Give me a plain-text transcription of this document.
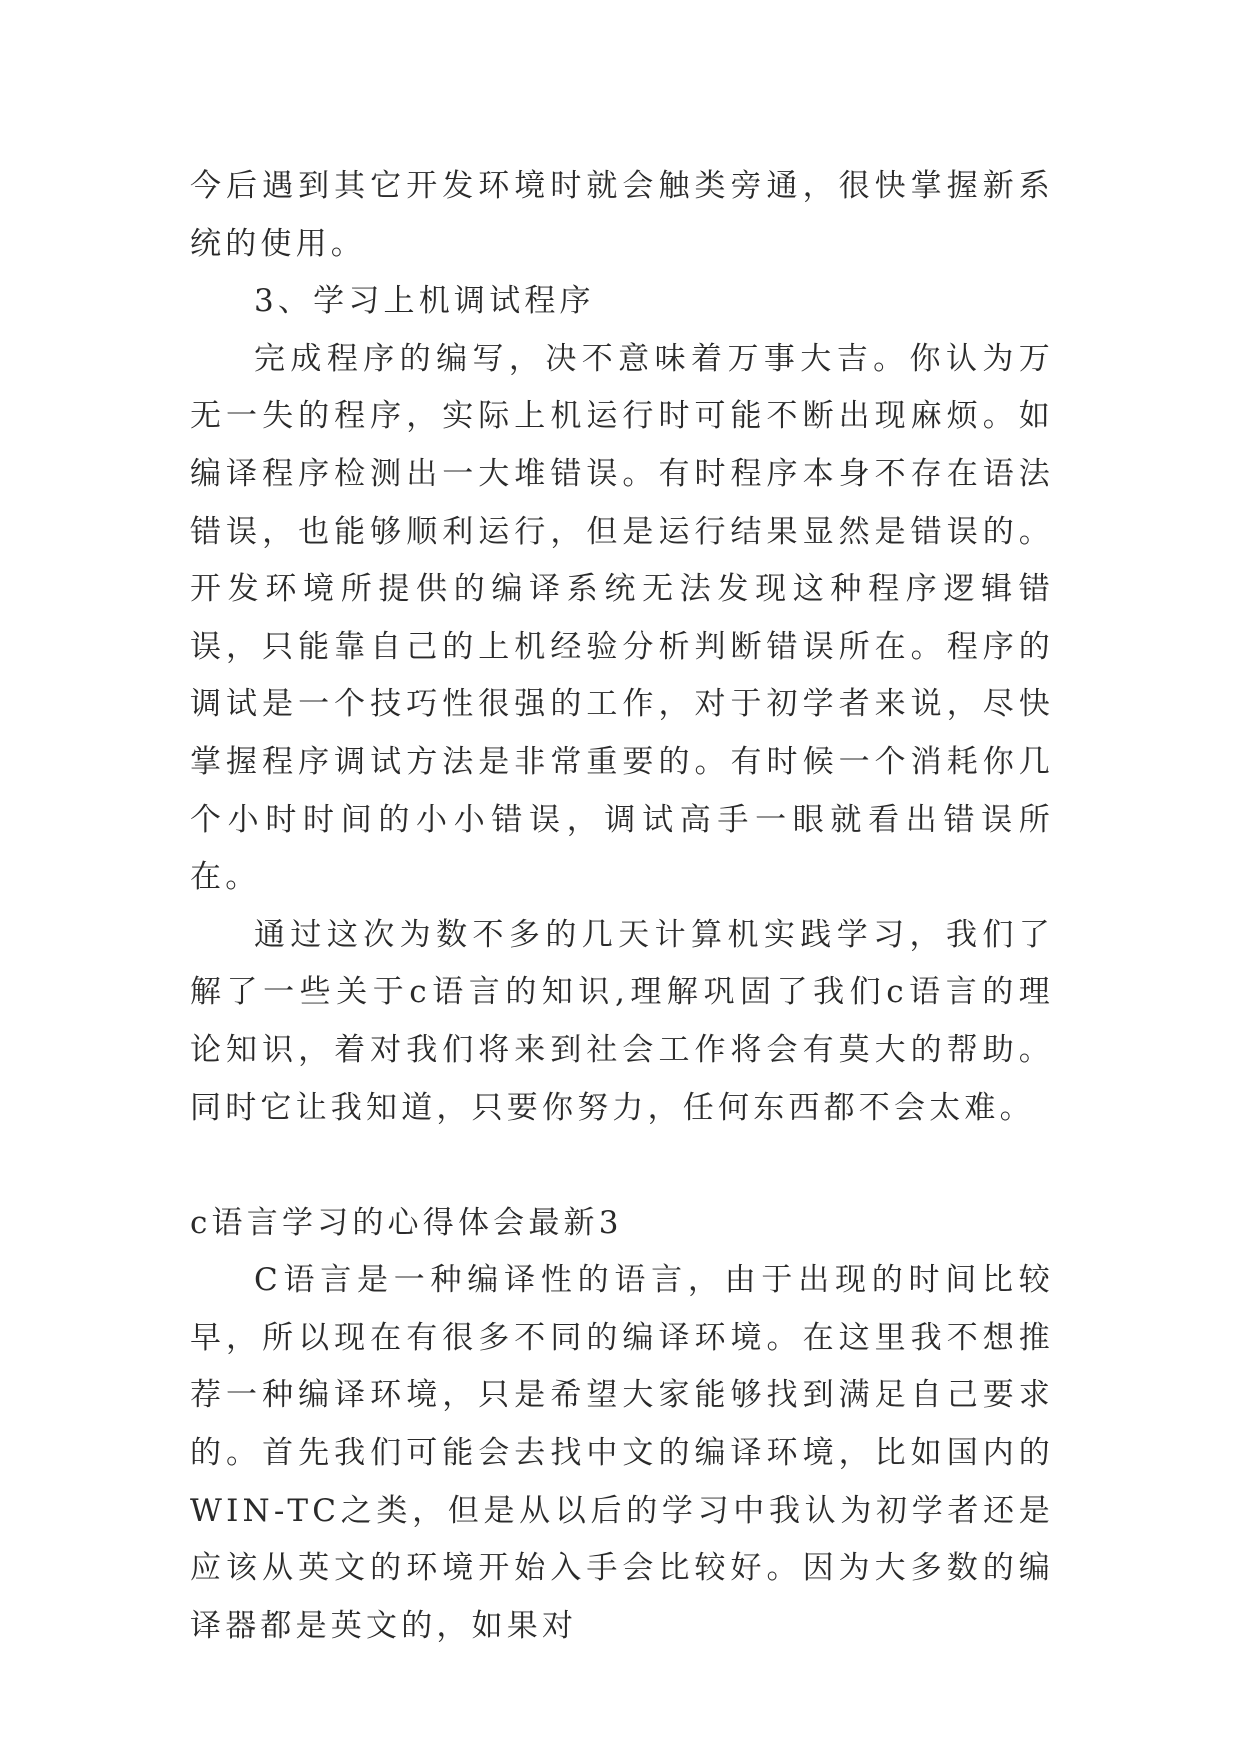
今后遇到其它开发环境时就会触类旁通，很快掌握新系统的使用。

3、学习上机调试程序

完成程序的编写，决不意味着万事大吉。你认为万无一失的程序，实际上机运行时可能不断出现麻烦。如编译程序检测出一大堆错误。有时程序本身不存在语法错误，也能够顺利运行，但是运行结果显然是错误的。开发环境所提供的编译系统无法发现这种程序逻辑错误，只能靠自己的上机经验分析判断错误所在。程序的调试是一个技巧性很强的工作，对于初学者来说，尽快掌握程序调试方法是非常重要的。有时候一个消耗你几个小时时间的小小错误，调试高手一眼就看出错误所在。

通过这次为数不多的几天计算机实践学习，我们了解了一些关于c语言的知识,理解巩固了我们c语言的理论知识，着对我们将来到社会工作将会有莫大的帮助。同时它让我知道，只要你努力，任何东西都不会太难。

c语言学习的心得体会最新3

C语言是一种编译性的语言，由于出现的时间比较早，所以现在有很多不同的编译环境。在这里我不想推荐一种编译环境，只是希望大家能够找到满足自己要求的。首先我们可能会去找中文的编译环境，比如国内的WIN-TC之类，但是从以后的学习中我认为初学者还是应该从英文的环境开始入手会比较好。因为大多数的编译器都是英文的，如果对
